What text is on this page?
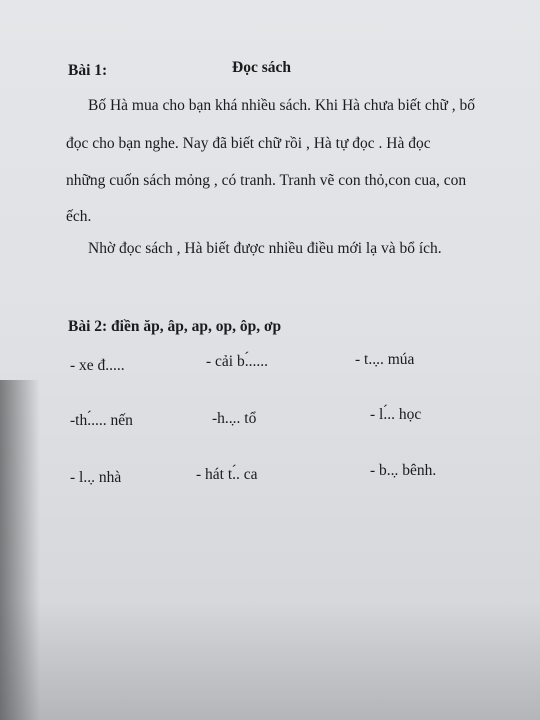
Bài 1:	Đọc sách
Bố Hà mua cho bạn khá nhiều sách. Khi Hà chưa biết chữ , bố
đọc cho bạn nghe. Nay đã biết chữ rồi , Hà tự đọc . Hà đọc
những cuốn sách mỏng , có tranh. Tranh vẽ con thỏ,con cua, con
ếch.
Nhờ đọc sách , Hà biết được nhiều điều mới lạ và bổ ích.
Bài 2: điền ăp, âp, ap, op, ôp, ơp
- xe đ.....	- cải b.́.....	- t..̣.. múa
-th.́.... nến	-h..̣.. tổ	- l.́.. học
- l..̣. nhà	- hát t.́. ca	- b..̣. bênh.
